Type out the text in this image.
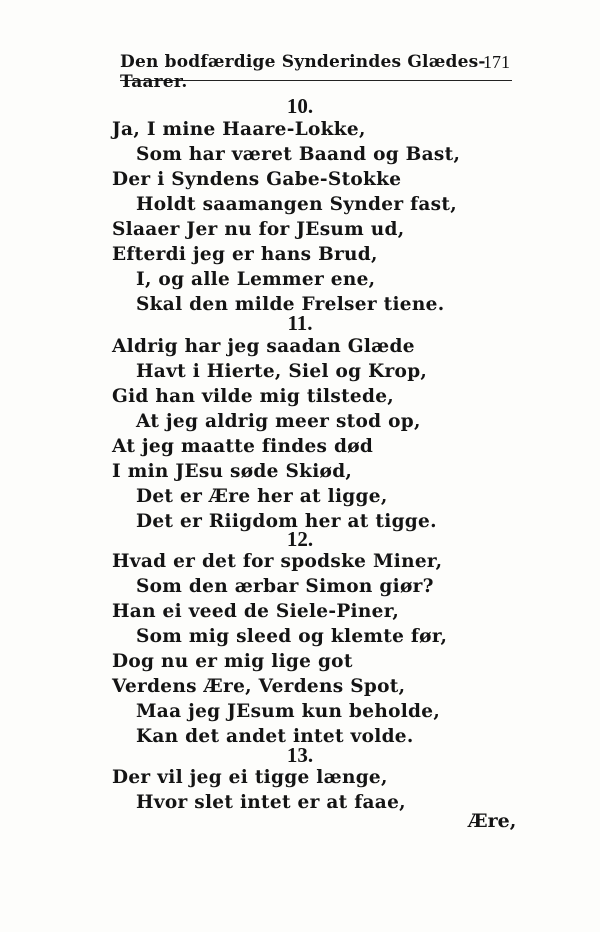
Den bodfærdige Synderindes Glædes-Taarer.
171
10.
Ja, I mine Haare-Lokke,
Som har været Baand og Bast,
Der i Syndens Gabe-Stokke
Holdt saamangen Synder fast,
Slaaer Jer nu for JEsum ud,
Efterdi jeg er hans Brud,
I, og alle Lemmer ene,
Skal den milde Frelser tiene.
11.
Aldrig har jeg saadan Glæde
Havt i Hierte, Siel og Krop,
Gid han vilde mig tilstede,
At jeg aldrig meer stod op,
At jeg maatte findes død
I min JEsu søde Skiød,
Det er Ære her at ligge,
Det er Riigdom her at tigge.
12.
Hvad er det for spodske Miner,
Som den ærbar Simon giør?
Han ei veed de Siele-Piner,
Som mig sleed og klemte før,
Dog nu er mig lige got
Verdens Ære, Verdens Spot,
Maa jeg JEsum kun beholde,
Kan det andet intet volde.
13.
Der vil jeg ei tigge længe,
Hvor slet intet er at faae,
Ære,
